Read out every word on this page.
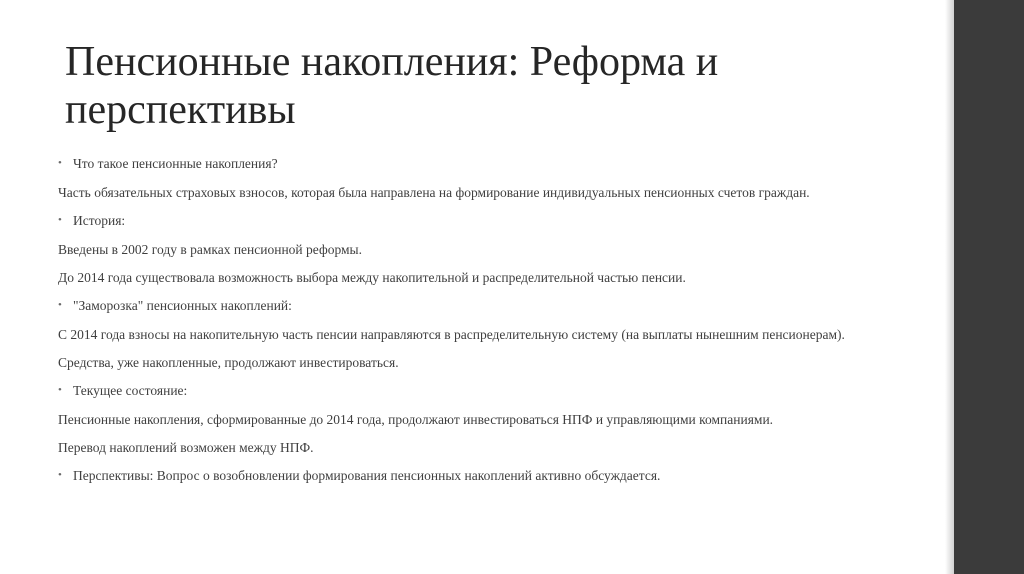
Пенсионные накопления: Реформа и перспективы
• Что такое пенсионные накопления?
Часть обязательных страховых взносов, которая была направлена на формирование индивидуальных пенсионных счетов граждан.
• История:
Введены в 2002 году в рамках пенсионной реформы.
До 2014 года существовала возможность выбора между накопительной и распределительной частью пенсии.
• "Заморозка" пенсионных накоплений:
С 2014 года взносы на накопительную часть пенсии направляются в распределительную систему (на выплаты нынешним пенсионерам).
Средства, уже накопленные, продолжают инвестироваться.
• Текущее состояние:
Пенсионные накопления, сформированные до 2014 года, продолжают инвестироваться НПФ и управляющими компаниями.
Перевод накоплений возможен между НПФ.
• Перспективы: Вопрос о возобновлении формирования пенсионных накоплений активно обсуждается.
